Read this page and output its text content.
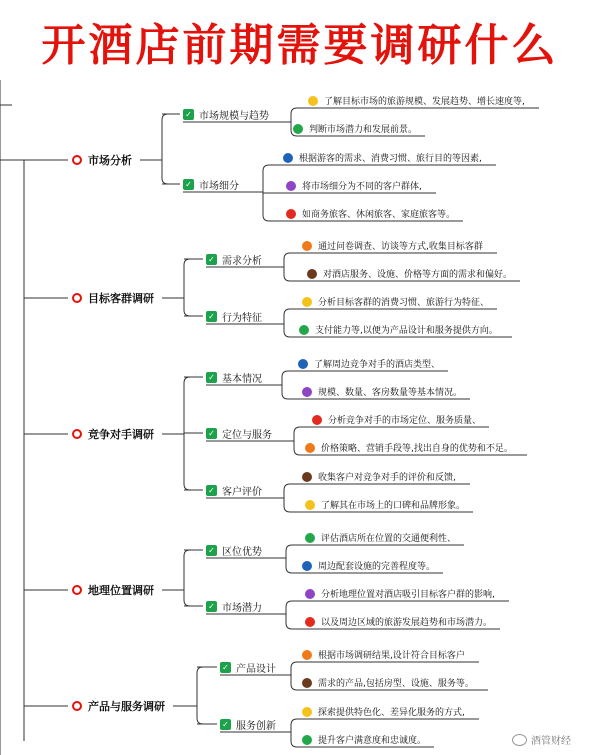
开酒店前期需要调研什么
市场分析
✓ 市场规模与趋势
了解目标市场的旅游规模、发展趋势、增长速度等,
判断市场潜力和发展前景。
✓ 市场细分
根据游客的需求、消费习惯、旅行目的等因素,
将市场细分为不同的客户群体,
如商务旅客、休闲旅客、家庭旅客等。
目标客群调研
✓ 需求分析
通过问卷调查、访谈等方式,收集目标客群
对酒店服务、设施、价格等方面的需求和偏好。
✓ 行为特征
分析目标客群的消费习惯、旅游行为特征、
支付能力等,以便为产品设计和服务提供方向。
竞争对手调研
✓ 基本情况
了解周边竞争对手的酒店类型、
规模、数量、客房数量等基本情况。
✓ 定位与服务
分析竞争对手的市场定位、服务质量、
价格策略、营销手段等,找出自身的优势和不足。
✓ 客户评价
收集客户对竞争对手的评价和反馈,
了解其在市场上的口碑和品牌形象。
地理位置调研
✓ 区位优势
评估酒店所在位置的交通便利性、
周边配套设施的完善程度等。
✓ 市场潜力
分析地理位置对酒店吸引目标客户群的影响,
以及周边区域的旅游发展趋势和市场潜力。
产品与服务调研
✓ 产品设计
根据市场调研结果,设计符合目标客户
需求的产品,包括房型、设施、服务等。
✓ 服务创新
探索提供特色化、差异化服务的方式,
提升客户满意度和忠诚度。	酒管财经
